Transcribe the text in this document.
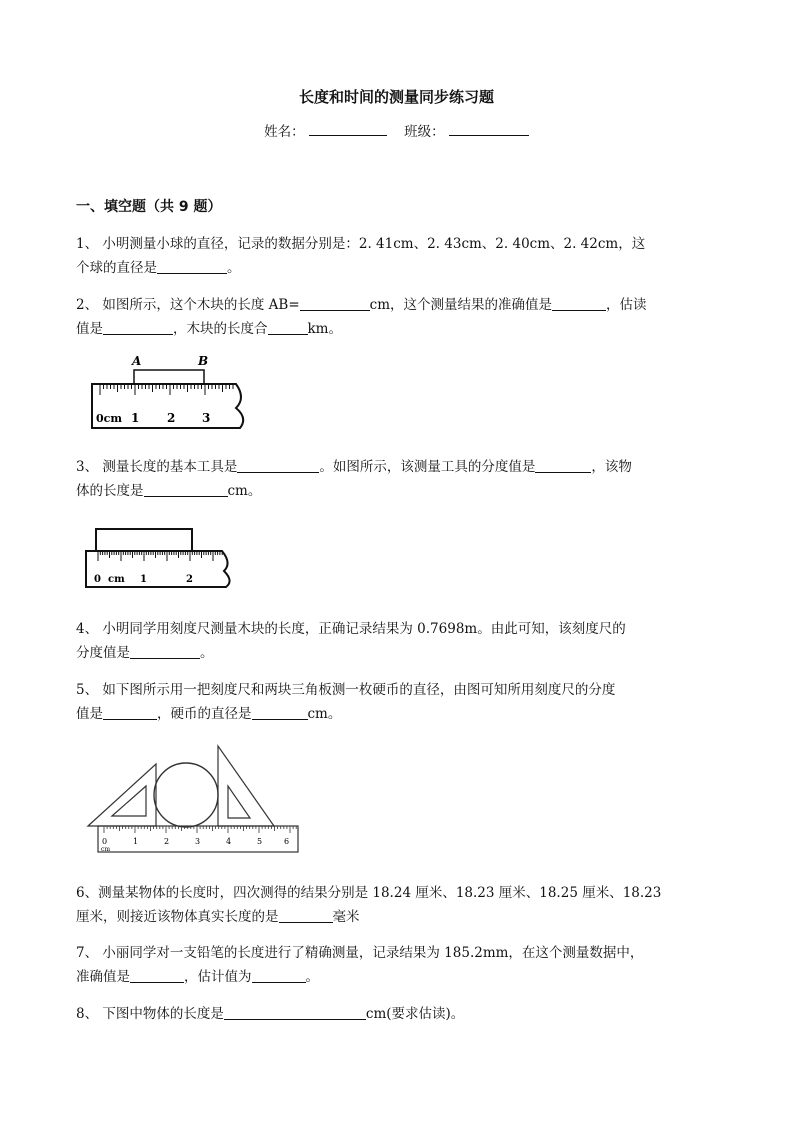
长度和时间的测量同步练习题
姓名：	班级：
一、填空题（共 9 题）
1、 小明测量小球的直径，记录的数据分别是：2. 41cm、2. 43cm、2. 40cm、2. 42cm，这
个球的直径是	。
2、 如图所示，这个木块的长度 AB=	cm，这个测量结果的准确值是	，估读
值是	，木块的长度合	km。
A	B
0cm 1 2 3
3、 测量长度的基本工具是	。如图所示，该测量工具的分度值是	，该物
体的长度是	cm。
0 cm 1	2
4、 小明同学用刻度尺测量木块的长度，正确记录结果为 0.7698m。由此可知，该刻度尺的
分度值是	。
5、 如下图所示用一把刻度尺和两块三角板测一枚硬币的直径，由图可知所用刻度尺的分度
值是	，硬币的直径是	cm。
0
cm
1	2	3	4	5	6
6、测量某物体的长度时，四次测得的结果分别是 18.24 厘米、18.23 厘米、18.25 厘米、18.23
厘米，则接近该物体真实长度的是	毫米
7、 小丽同学对一支铅笔的长度进行了精确测量，记录结果为 185.2mm，在这个测量数据中，
准确值是	，估计值为	。
8、 下图中物体的长度是	cm(要求估读)。
